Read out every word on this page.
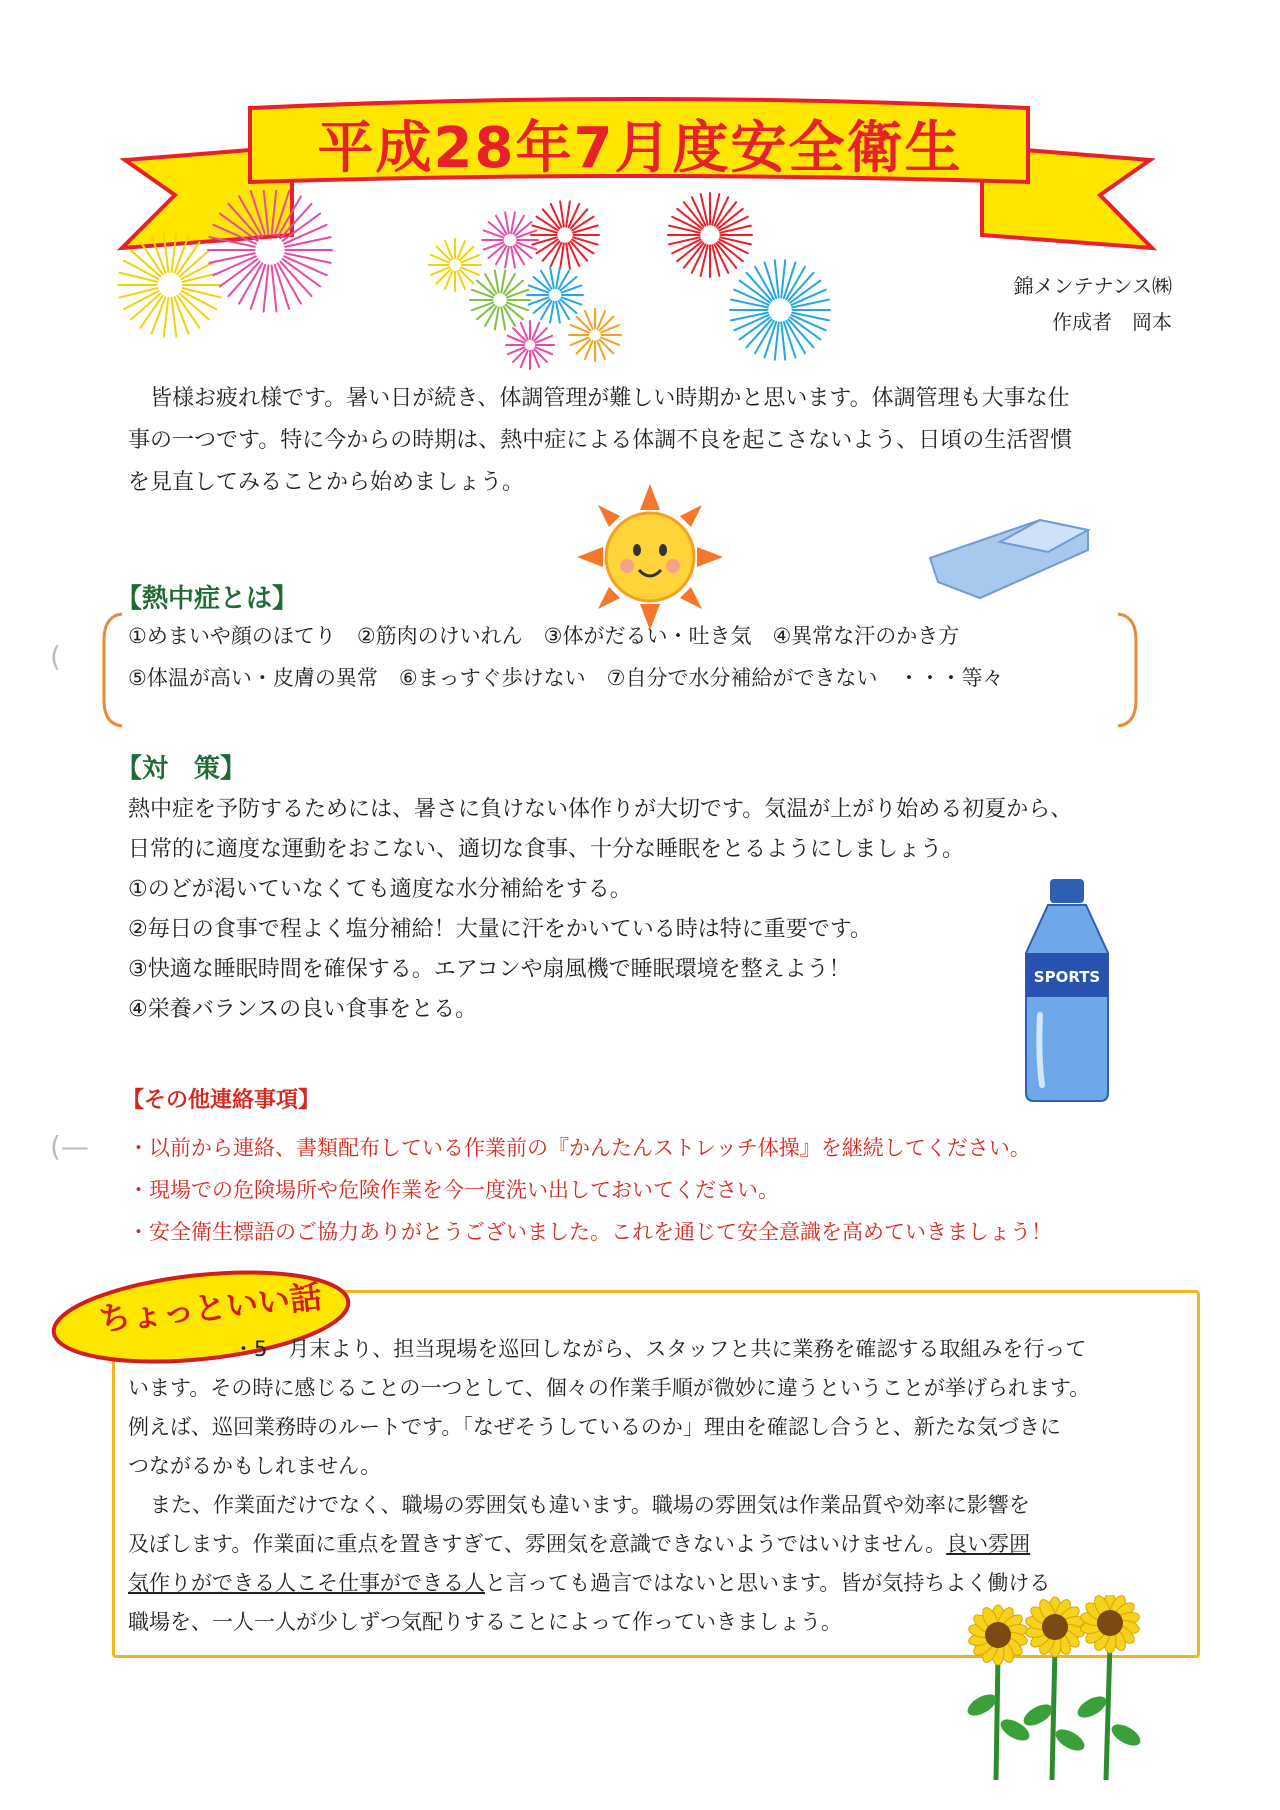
平成28年7月度安全衛生
錦メンテナンス㈱
作成者　岡本

皆様お疲れ様です。暑い日が続き、体調管理が難しい時期かと思います。体調管理も大事な仕

事の一つです。特に今からの時期は、熱中症による体調不良を起こさないよう、日頃の生活習慣

を見直してみることから始めましょう。

【熱中症とは】
①めまいや顔のほてり　②筋肉のけいれん　③体がだるい・吐き気　④異常な汗のかき方
⑤体温が高い・皮膚の異常　⑥まっすぐ歩けない　⑦自分で水分補給ができない　・・・等々
(
【対　策】
熱中症を予防するためには、暑さに負けない体作りが大切です。気温が上がり始める初夏から、
日常的に適度な運動をおこない、適切な食事、十分な睡眠をとるようにしましょう。
①のどが渇いていなくても適度な水分補給をする。
②毎日の食事で程よく塩分補給！大量に汗をかいている時は特に重要です。
③快適な睡眠時間を確保する。エアコンや扇風機で睡眠環境を整えよう！
④栄養バランスの良い食事をとる。
SPORTS
【その他連絡事項】
・以前から連絡、書類配布している作業前の『かんたんストレッチ体操』を継続してください。
・現場での危険場所や危険作業を今一度洗い出しておいてください。
・安全衛生標語のご協力ありがとうございました。これを通じて安全意識を高めていきましょう！
(—
ちょっといい話

・5　月末より、担当現場を巡回しながら、スタッフと共に業務を確認する取組みを行って

います。その時に感じることの一つとして、個々の作業手順が微妙に違うということが挙げられます。

例えば、巡回業務時のルートです。「なぜそうしているのか」理由を確認し合うと、新たな気づきに

つながるかもしれません。

また、作業面だけでなく、職場の雰囲気も違います。職場の雰囲気は作業品質や効率に影響を

及ぼします。作業面に重点を置きすぎて、雰囲気を意識できないようではいけません。良い雰囲

気作りができる人こそ仕事ができる人と言っても過言ではないと思います。皆が気持ちよく働ける

職場を、一人一人が少しずつ気配りすることによって作っていきましょう。
